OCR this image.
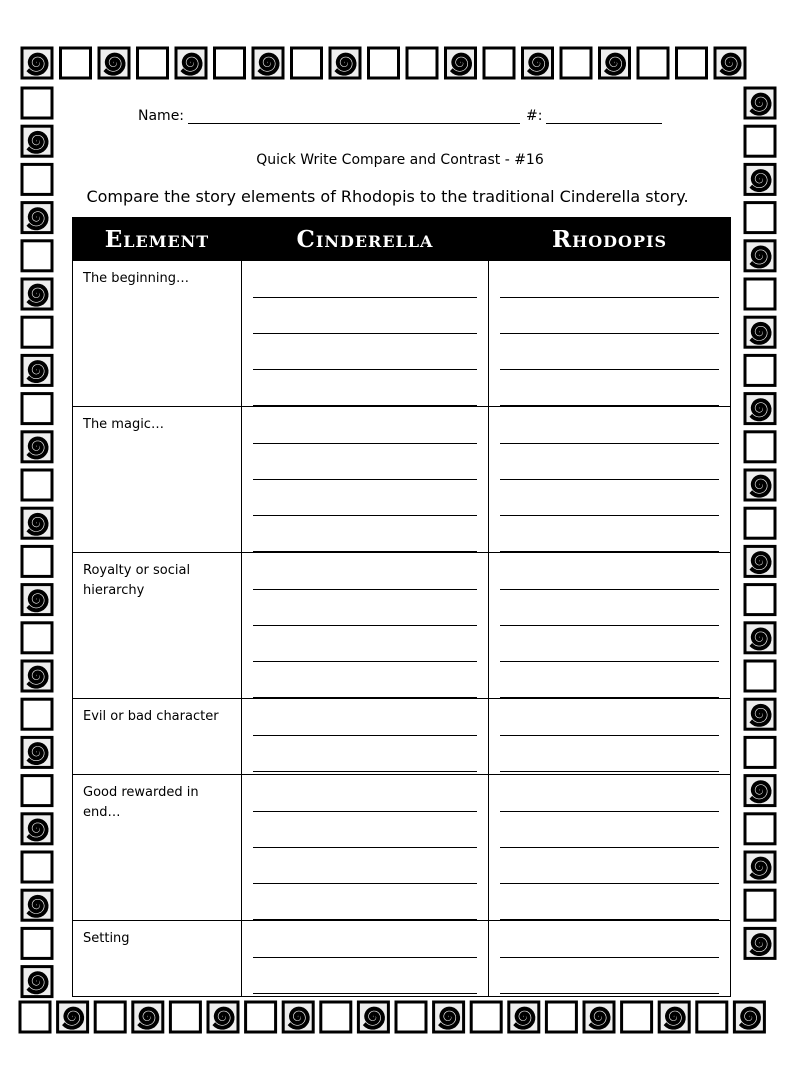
Name:	#:
Quick Write Compare and Contrast - #16
Compare the story elements of Rhodopis to the traditional Cinderella story.
Element	Cinderella	Rhodopis
The beginning…	

The magic…	

Royalty or social hierarchy	

Evil or bad character	

Good rewarded in end…	

Setting	
